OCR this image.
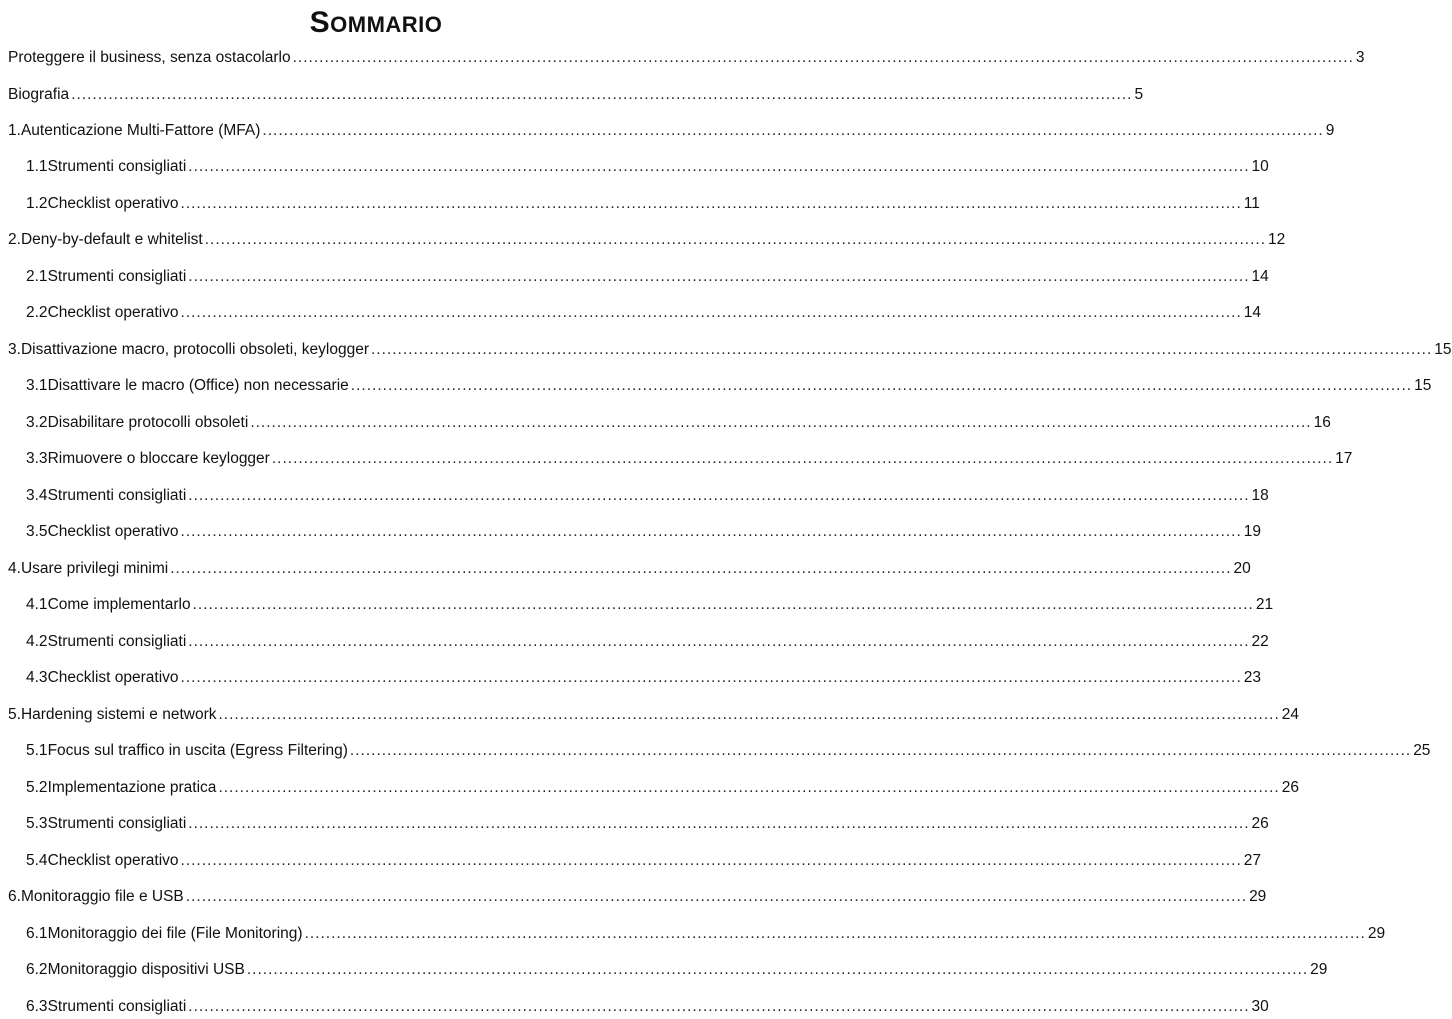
SOMMARIO
Proteggere il business, senza ostacolarlo ........................................................................................................................................................................................................ 3
Biografia ........................................................................................................................................................................................................ 5
1. Autenticazione Multi-Fattore (MFA) ........................................................................................................................................................................................................ 9
1.1 Strumenti consigliati ........................................................................................................................................................................................................ 10
1.2 Checklist operativo ........................................................................................................................................................................................................ 11
2. Deny-by-default e whitelist ........................................................................................................................................................................................................ 12
2.1 Strumenti consigliati ........................................................................................................................................................................................................ 14
2.2 Checklist operativo ........................................................................................................................................................................................................ 14
3. Disattivazione macro, protocolli obsoleti, keylogger ........................................................................................................................................................................................................ 15
3.1 Disattivare le macro (Office) non necessarie ........................................................................................................................................................................................................ 15
3.2 Disabilitare protocolli obsoleti ........................................................................................................................................................................................................ 16
3.3 Rimuovere o bloccare keylogger ........................................................................................................................................................................................................ 17
3.4 Strumenti consigliati ........................................................................................................................................................................................................ 18
3.5 Checklist operativo ........................................................................................................................................................................................................ 19
4. Usare privilegi minimi ........................................................................................................................................................................................................ 20
4.1 Come implementarlo ........................................................................................................................................................................................................ 21
4.2 Strumenti consigliati ........................................................................................................................................................................................................ 22
4.3 Checklist operativo ........................................................................................................................................................................................................ 23
5. Hardening sistemi e network ........................................................................................................................................................................................................ 24
5.1 Focus sul traffico in uscita (Egress Filtering) ........................................................................................................................................................................................................ 25
5.2 Implementazione pratica ........................................................................................................................................................................................................ 26
5.3 Strumenti consigliati ........................................................................................................................................................................................................ 26
5.4 Checklist operativo ........................................................................................................................................................................................................ 27
6. Monitoraggio file e USB ........................................................................................................................................................................................................ 29
6.1 Monitoraggio dei file (File Monitoring) ........................................................................................................................................................................................................ 29
6.2 Monitoraggio dispositivi USB ........................................................................................................................................................................................................ 29
6.3 Strumenti consigliati ........................................................................................................................................................................................................ 30
